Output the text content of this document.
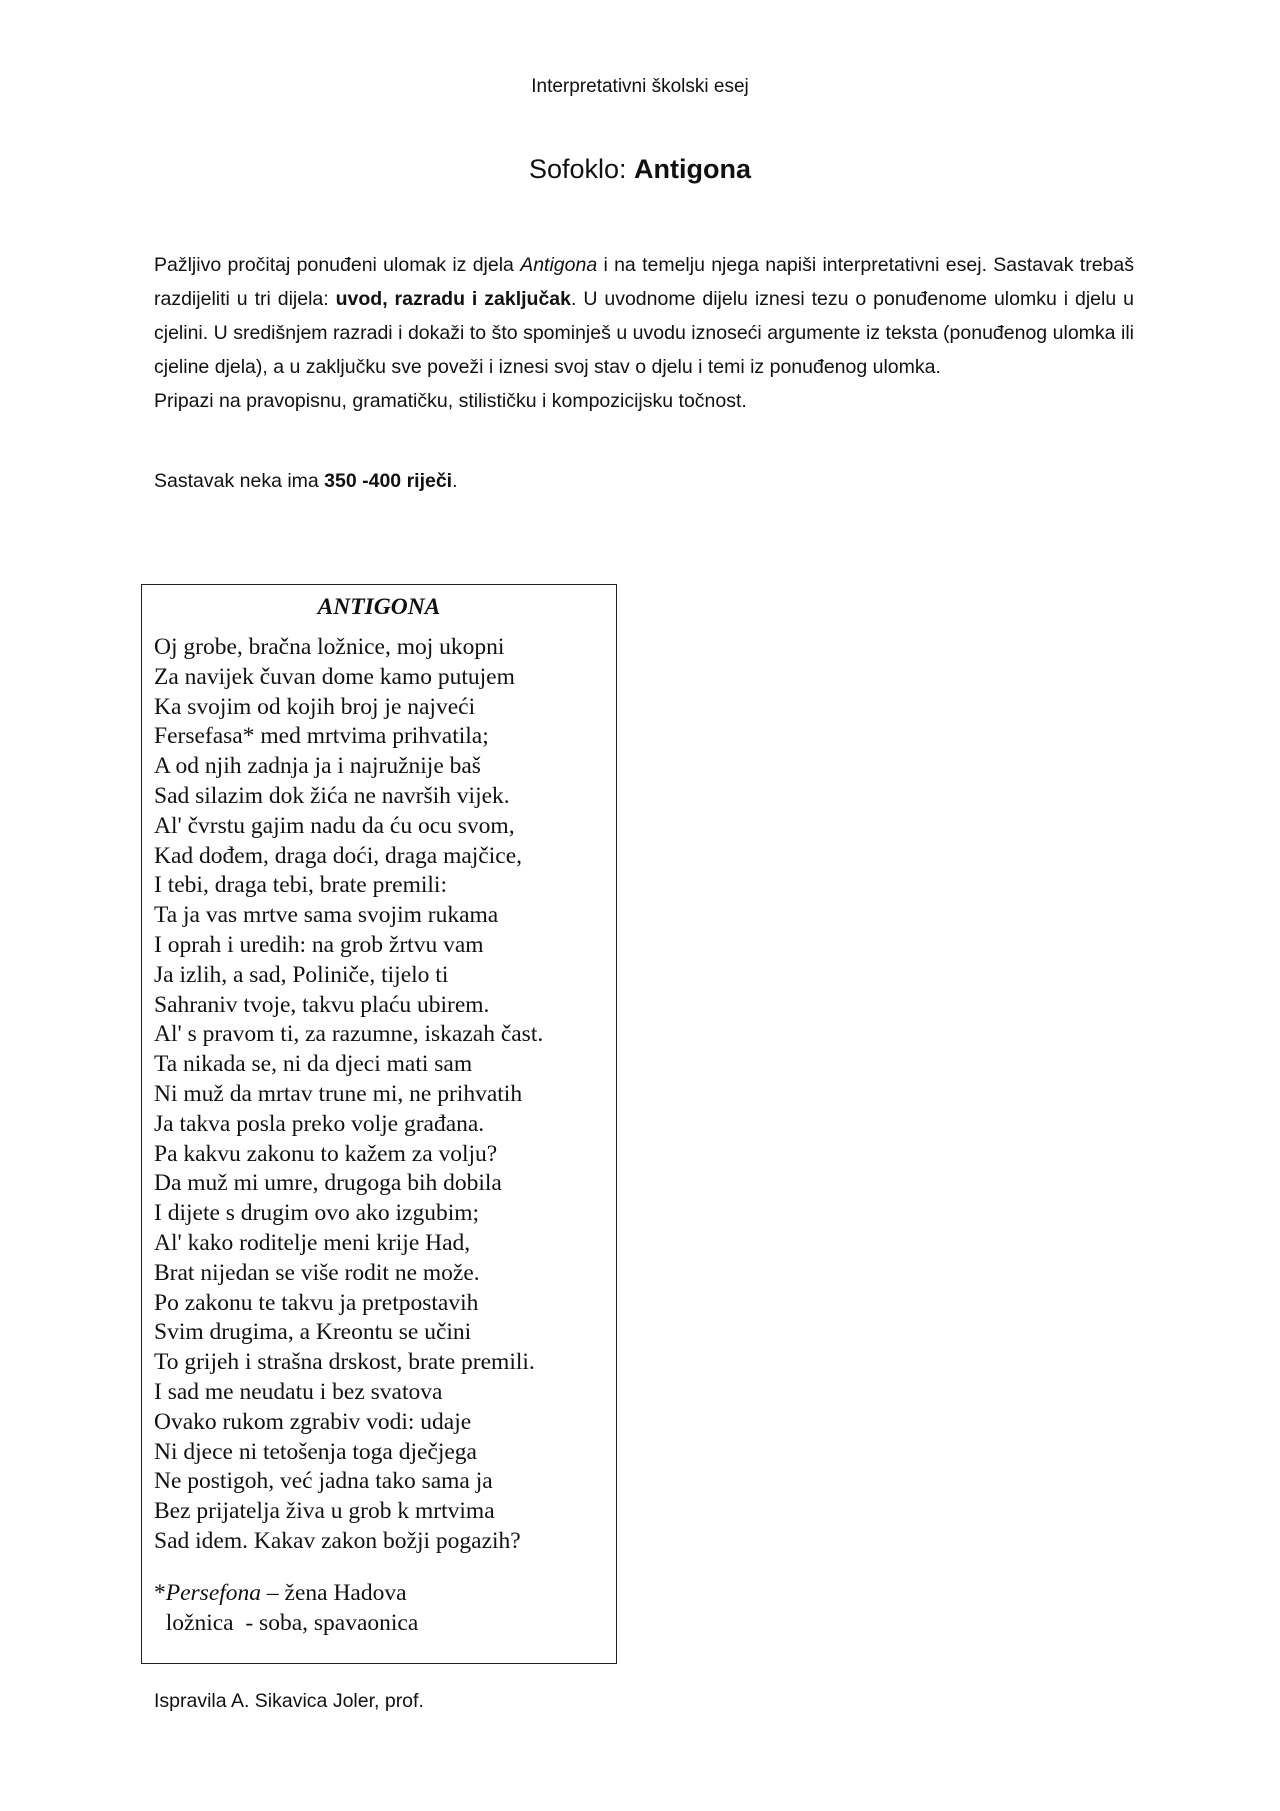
Interpretativni školski esej
Sofoklo: Antigona

Pažljivo pročitaj ponuđeni ulomak iz djela Antigona i na temelju njega napiši interpretativni esej. Sastavak trebaš razdijeliti u tri dijela: uvod, razradu i zaključak. U uvodnome dijelu iznesi tezu o ponuđenome ulomku i djelu u cjelini. U središnjem razradi i dokaži to što spominješ u uvodu iznoseći argumente iz teksta (ponuđenog ulomka ili cjeline djela), a u zaključku sve poveži i iznesi svoj stav o djelu i temi iz ponuđenog ulomka.

Pripazi na pravopisnu, gramatičku, stilističku i kompozicijsku točnost.

Sastavak neka ima 350 -400 riječi.
ANTIGONA
Oj grobe, bračna ložnice, moj ukopni
Za navijek čuvan dome kamo putujem
Ka svojim od kojih broj je najveći
Fersefasa* med mrtvima prihvatila;
A od njih zadnja ja i najružnije baš
Sad silazim dok žića ne navrših vijek.
Al' čvrstu gajim nadu da ću ocu svom,
Kad dođem, draga doći, draga majčice,
I tebi, draga tebi, brate premili:
Ta ja vas mrtve sama svojim rukama
I oprah i uredih: na grob žrtvu vam
Ja izlih, a sad, Poliniče, tijelo ti
Sahraniv tvoje, takvu plaću ubirem.
Al' s pravom ti, za razumne, iskazah čast.
Ta nikada se, ni da djeci mati sam
Ni muž da mrtav trune mi, ne prihvatih
Ja takva posla preko volje građana.
Pa kakvu zakonu to kažem za volju?
Da muž mi umre, drugoga bih dobila
I dijete s drugim ovo ako izgubim;
Al' kako roditelje meni krije Had,
Brat nijedan se više rodit ne može.
Po zakonu te takvu ja pretpostavih
Svim drugima, a Kreontu se učini
To grijeh i strašna drskost, brate premili.
I sad me neudatu i bez svatova
Ovako rukom zgrabiv vodi: udaje
Ni djece ni tetošenja toga dječjega
Ne postigoh, već jadna tako sama ja
Bez prijatelja živa u grob k mrtvima
Sad idem. Kakav zakon božji pogazih?
*Persefona – žena Hadova
ložnica  - soba, spavaonica
Ispravila A. Sikavica Joler, prof.
